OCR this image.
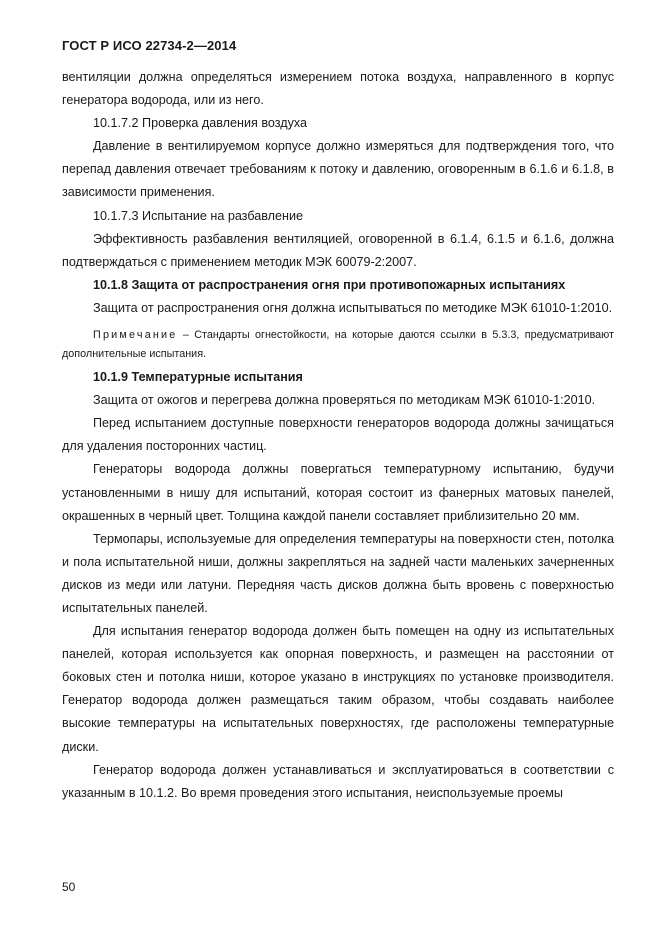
ГОСТ Р ИСО 22734-2—2014

вентиляции должна определяться измерением потока воздуха, направленного в корпус генератора водорода, или из него.

10.1.7.2 Проверка давления воздуха

Давление в вентилируемом корпусе должно измеряться для подтверждения того, что перепад давления отвечает требованиям к потоку и давлению, оговоренным в 6.1.6 и 6.1.8, в зависимости применения.

10.1.7.3 Испытание на разбавление

Эффективность разбавления вентиляцией, оговоренной в 6.1.4, 6.1.5 и 6.1.6, должна подтверждаться с применением методик МЭК 60079-2:2007.

10.1.8 Защита от распространения огня при противопожарных испытаниях

Защита от распространения огня должна испытываться по методике МЭК 61010-1:2010.

Примечание – Стандарты огнестойкости, на которые даются ссылки в 5.3.3, предусматривают дополнительные испытания.

10.1.9 Температурные испытания

Защита от ожогов и перегрева должна проверяться по методикам МЭК 61010-1:2010.

Перед испытанием доступные поверхности генераторов водорода должны зачищаться для удаления посторонних частиц.

Генераторы водорода должны повергаться температурному испытанию, будучи установленными в нишу для испытаний, которая состоит из фанерных матовых панелей, окрашенных в черный цвет. Толщина каждой панели составляет приблизительно 20 мм.

Термопары, используемые для определения температуры на поверхности стен, потолка и пола испытательной ниши, должны закрепляться на задней части маленьких зачерненных дисков из меди или латуни. Передняя часть дисков должна быть вровень с поверхностью испытательных панелей.

Для испытания генератор водорода должен быть помещен на одну из испытательных панелей, которая используется как опорная поверхность, и размещен на расстоянии от боковых стен и потолка ниши, которое указано в инструкциях по установке производителя. Генератор водорода должен размещаться таким образом, чтобы создавать наиболее высокие температуры на испытательных поверхностях, где расположены температурные диски.

Генератор водорода должен устанавливаться и эксплуатироваться в соответствии с указанным в 10.1.2. Во время проведения этого испытания, неиспользуемые проемы

50
